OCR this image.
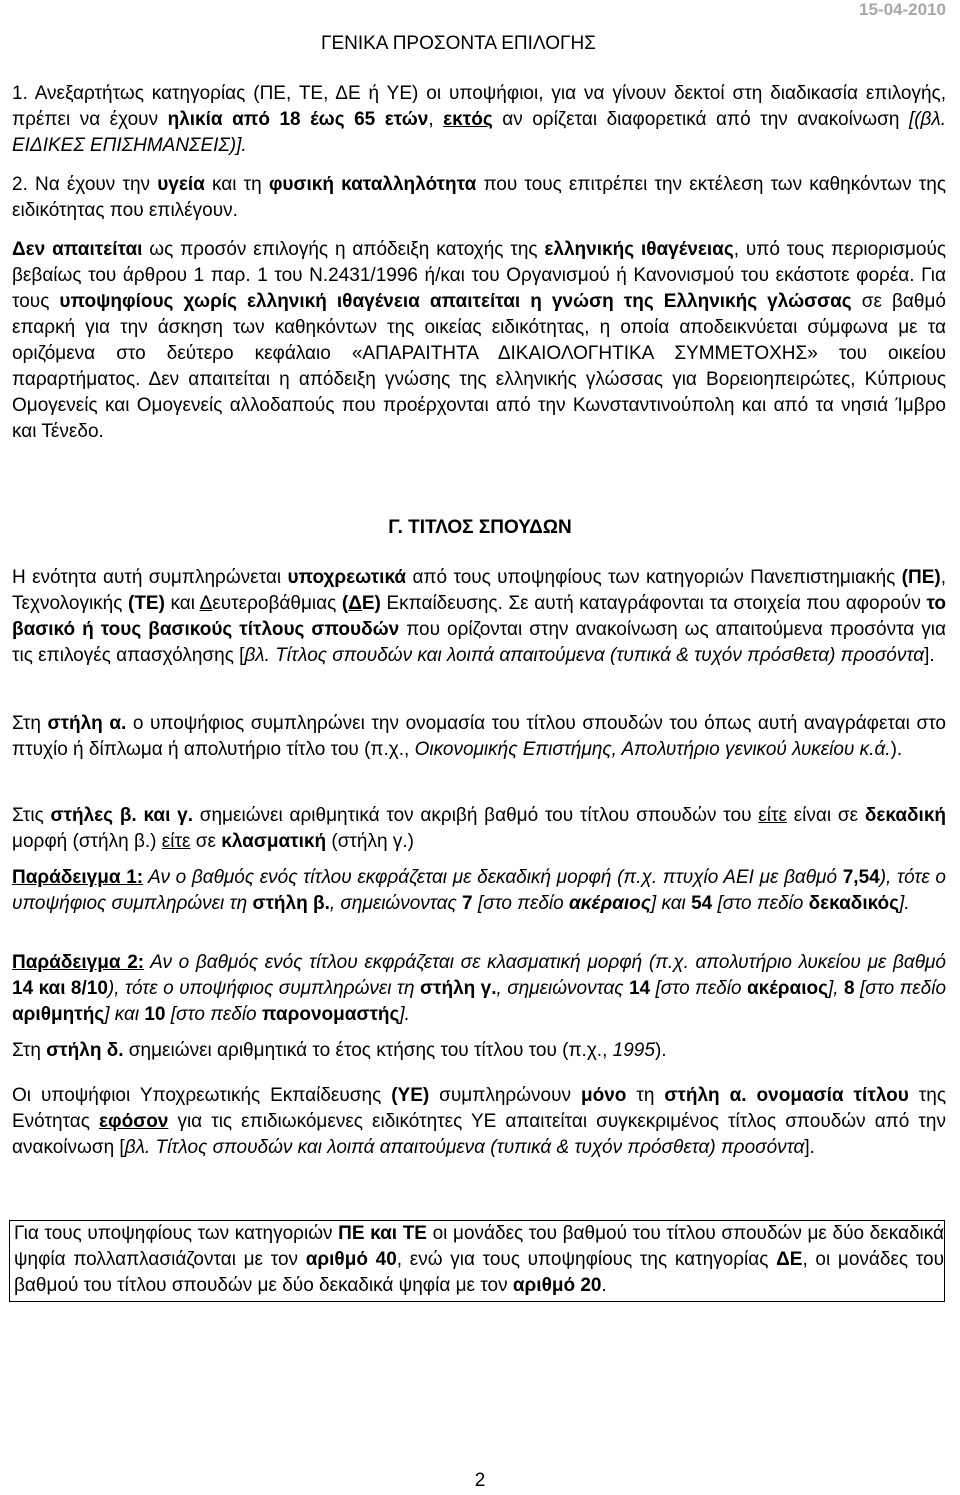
15-04-2010
ΓΕΝΙΚΑ ΠΡΟΣΟΝΤΑ ΕΠΙΛΟΓΗΣ

1. Ανεξαρτήτως κατηγορίας (ΠΕ, ΤΕ, ΔΕ ή ΥΕ) οι υποψήφιοι, για να γίνουν δεκτοί στη διαδικασία επιλογής, πρέπει να έχουν ηλικία από 18 έως 65 ετών, εκτός αν ορίζεται διαφορετικά από την ανακοίνωση [(βλ. ΕΙΔΙΚΕΣ ΕΠΙΣΗΜΑΝΣΕΙΣ)].

2. Να έχουν την υγεία και τη φυσική καταλληλότητα που τους επιτρέπει την εκτέλεση των καθηκόντων της ειδικότητας που επιλέγουν.

Δεν απαιτείται ως προσόν επιλογής η απόδειξη κατοχής της ελληνικής ιθαγένειας, υπό τους περιορισμούς βεβαίως του άρθρου 1 παρ. 1 του Ν.2431/1996 ή/και του Οργανισμού ή Κανονισμού του εκάστοτε φορέα. Για τους υποψηφίους χωρίς ελληνική ιθαγένεια απαιτείται η γνώση της Ελληνικής γλώσσας σε βαθμό επαρκή για την άσκηση των καθηκόντων της οικείας ειδικότητας, η οποία αποδεικνύεται σύμφωνα με τα οριζόμενα στο δεύτερο κεφάλαιο «ΑΠΑΡΑΙΤΗΤΑ ΔΙΚΑΙΟΛΟΓΗΤΙΚΑ ΣΥΜΜΕΤΟΧΗΣ» του οικείου παραρτήματος. Δεν απαιτείται η απόδειξη γνώσης της ελληνικής γλώσσας για Βορειοηπειρώτες, Κύπριους Ομογενείς και Ομογενείς αλλοδαπούς που προέρχονται από την Κωνσταντινούπολη και από τα νησιά Ίμβρο και Τένεδο.

Γ. ΤΙΤΛΟΣ ΣΠΟΥΔΩΝ

Η ενότητα αυτή συμπληρώνεται υποχρεωτικά από τους υποψηφίους των κατηγοριών Πανεπιστημιακής (ΠΕ), Τεχνολογικής (ΤΕ) και Δευτεροβάθμιας (ΔΕ) Εκπαίδευσης. Σε αυτή καταγράφονται τα στοιχεία που αφορούν το βασικό ή τους βασικούς τίτλους σπουδών που ορίζονται στην ανακοίνωση ως απαιτούμενα προσόντα για τις επιλογές απασχόλησης [βλ. Τίτλος σπουδών και λοιπά απαιτούμενα (τυπικά & τυχόν πρόσθετα) προσόντα].

Στη στήλη α. ο υποψήφιος συμπληρώνει την ονομασία του τίτλου σπουδών του όπως αυτή αναγράφεται στο πτυχίο ή δίπλωμα ή απολυτήριο τίτλο του (π.χ., Οικονομικής Επιστήμης, Απολυτήριο γενικού λυκείου κ.ά.).

Στις στήλες β. και γ. σημειώνει αριθμητικά τον ακριβή βαθμό του τίτλου σπουδών του είτε είναι σε δεκαδική μορφή (στήλη β.) είτε σε κλασματική (στήλη γ.)

Παράδειγμα 1: Αν ο βαθμός ενός τίτλου εκφράζεται με δεκαδική μορφή (π.χ. πτυχίο ΑΕΙ με βαθμό 7,54), τότε ο υποψήφιος συμπληρώνει τη στήλη β., σημειώνοντας 7 [στο πεδίο ακέραιος] και 54 [στο πεδίο δεκαδικός].

Παράδειγμα 2: Αν ο βαθμός ενός τίτλου εκφράζεται σε κλασματική μορφή (π.χ. απολυτήριο λυκείου με βαθμό 14 και 8/10), τότε ο υποψήφιος συμπληρώνει τη στήλη γ., σημειώνοντας 14 [στο πεδίο ακέραιος], 8 [στο πεδίο αριθμητής] και 10 [στο πεδίο παρονομαστής].

Στη στήλη δ. σημειώνει αριθμητικά το έτος κτήσης του τίτλου του (π.χ., 1995).

Οι υποψήφιοι Υποχρεωτικής Εκπαίδευσης (ΥΕ) συμπληρώνουν μόνο τη στήλη α. ονομασία τίτλου της Ενότητας εφόσον για τις επιδιωκόμενες ειδικότητες ΥΕ απαιτείται συγκεκριμένος τίτλος σπουδών από την ανακοίνωση [βλ. Τίτλος σπουδών και λοιπά απαιτούμενα (τυπικά & τυχόν πρόσθετα) προσόντα].

Για τους υποψηφίους των κατηγοριών ΠΕ και ΤΕ οι μονάδες του βαθμού του τίτλου σπουδών με δύο δεκαδικά ψηφία πολλαπλασιάζονται με τον αριθμό 40, ενώ για τους υποψηφίους της κατηγορίας ΔΕ, οι μονάδες του βαθμού του τίτλου σπουδών με δύο δεκαδικά ψηφία με τον αριθμό 20.

2
